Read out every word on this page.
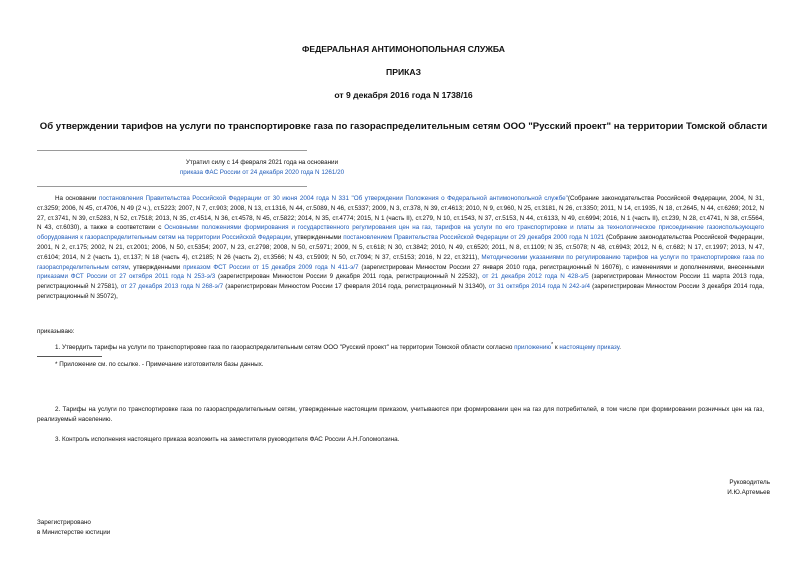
ФЕДЕРАЛЬНАЯ АНТИМОНОПОЛЬНАЯ СЛУЖБА
ПРИКАЗ
от 9 декабря 2016 года N 1738/16
Об утверждении тарифов на услуги по транспортировке газа по газораспределительным сетям ООО "Русский проект" на территории Томской области
Утратил силу с 14 февраля 2021 года на основании
приказа ФАС России от 24 декабря 2020 года N 1261/20
На основании постановления Правительства Российской Федерации от 30 июня 2004 года N 331 "Об утверждении Положения о Федеральной антимонопольной службе"(Собрание законодательства Российской Федерации, 2004, N 31, ст.3259; 2006, N 45, ст.4706, N 49 (2 ч.), ст.5223; 2007, N 7, ст.903; 2008, N 13, ст.1316, N 44, ст.5089, N 46, ст.5337; 2009, N 3, ст.378, N 39, ст.4613; 2010, N 9, ст.960, N 25, ст.3181, N 26, ст.3350; 2011, N 14, ст.1935, N 18, ст.2645, N 44, ст.6269; 2012, N 27, ст.3741, N 39, ст.5283, N 52, ст.7518; 2013, N 35, ст.4514, N 36, ст.4578, N 45, ст.5822; 2014, N 35, ст.4774; 2015, N 1 (часть II), ст.279, N 10, ст.1543, N 37, ст.5153, N 44, ст.6133, N 49, ст.6994; 2016, N 1 (часть II), ст.239, N 28, ст.4741, N 38, ст.5564, N 43, ст.6030), а также в соответствии с Основными положениями формирования и государственного регулирования цен на газ, тарифов на услуги по его транспортировке и платы за технологическое присоединение газоиспользующего оборудования к газораспределительным сетям на территории Российской Федерации, утвержденными постановлением Правительства Российской Федерации от 29 декабря 2000 года N 1021 (Собрание законодательства Российской Федерации, 2001, N 2, ст.175; 2002, N 21, ст.2001; 2006, N 50, ст.5354; 2007, N 23, ст.2798; 2008, N 50, ст.5971; 2009, N 5, ст.618; N 30, ст.3842; 2010, N 49, ст.6520; 2011, N 8, ст.1109; N 35, ст.5078; N 48, ст.6943; 2012, N 6, ст.682; N 17, ст.1997; 2013, N 47, ст.6104; 2014, N 2 (часть 1), ст.137; N 18 (часть 4), ст.2185; N 26 (часть 2), ст.3566; N 43, ст.5909; N 50, ст.7094; N 37, ст.5153; 2016, N 22, ст.3211), Методическими указаниями по регулированию тарифов на услуги по транспортировке газа по газораспределительным сетям, утвержденными приказом ФСТ России от 15 декабря 2009 года N 411-э/7 (зарегистрирован Минюстом России 27 января 2010 года, регистрационный N 16076), с изменениями и дополнениями, внесенными приказами ФСТ России от 27 октября 2011 года N 253-э/3 (зарегистрирован Минюстом России 9 декабря 2011 года, регистрационный N 22532), от 21 декабря 2012 года N 428-э/5 (зарегистрирован Минюстом России 11 марта 2013 года, регистрационный N 27581), от 27 декабря 2013 года N 268-э/7 (зарегистрирован Минюстом России 17 февраля 2014 года, регистрационный N 31340), от 31 октября 2014 года N 242-э/4 (зарегистрирован Минюстом России 3 декабря 2014 года, регистрационный N 35072),
приказываю:
1. Утвердить тарифы на услуги по транспортировке газа по газораспределительным сетям ООО "Русский проект" на территории Томской области согласно приложению* к настоящему приказу.
* Приложение см. по ссылке. - Примечание изготовителя базы данных.
2. Тарифы на услуги по транспортировке газа по газораспределительным сетям, утвержденные настоящим приказом, учитываются при формировании цен на газ для потребителей, в том числе при формировании розничных цен на газ, реализуемый населению.
3. Контроль исполнения настоящего приказа возложить на заместителя руководителя ФАС России А.Н.Голомолзина.
Руководитель
И.Ю.Артемьев
Зарегистрировано
в Министерстве юстиции
